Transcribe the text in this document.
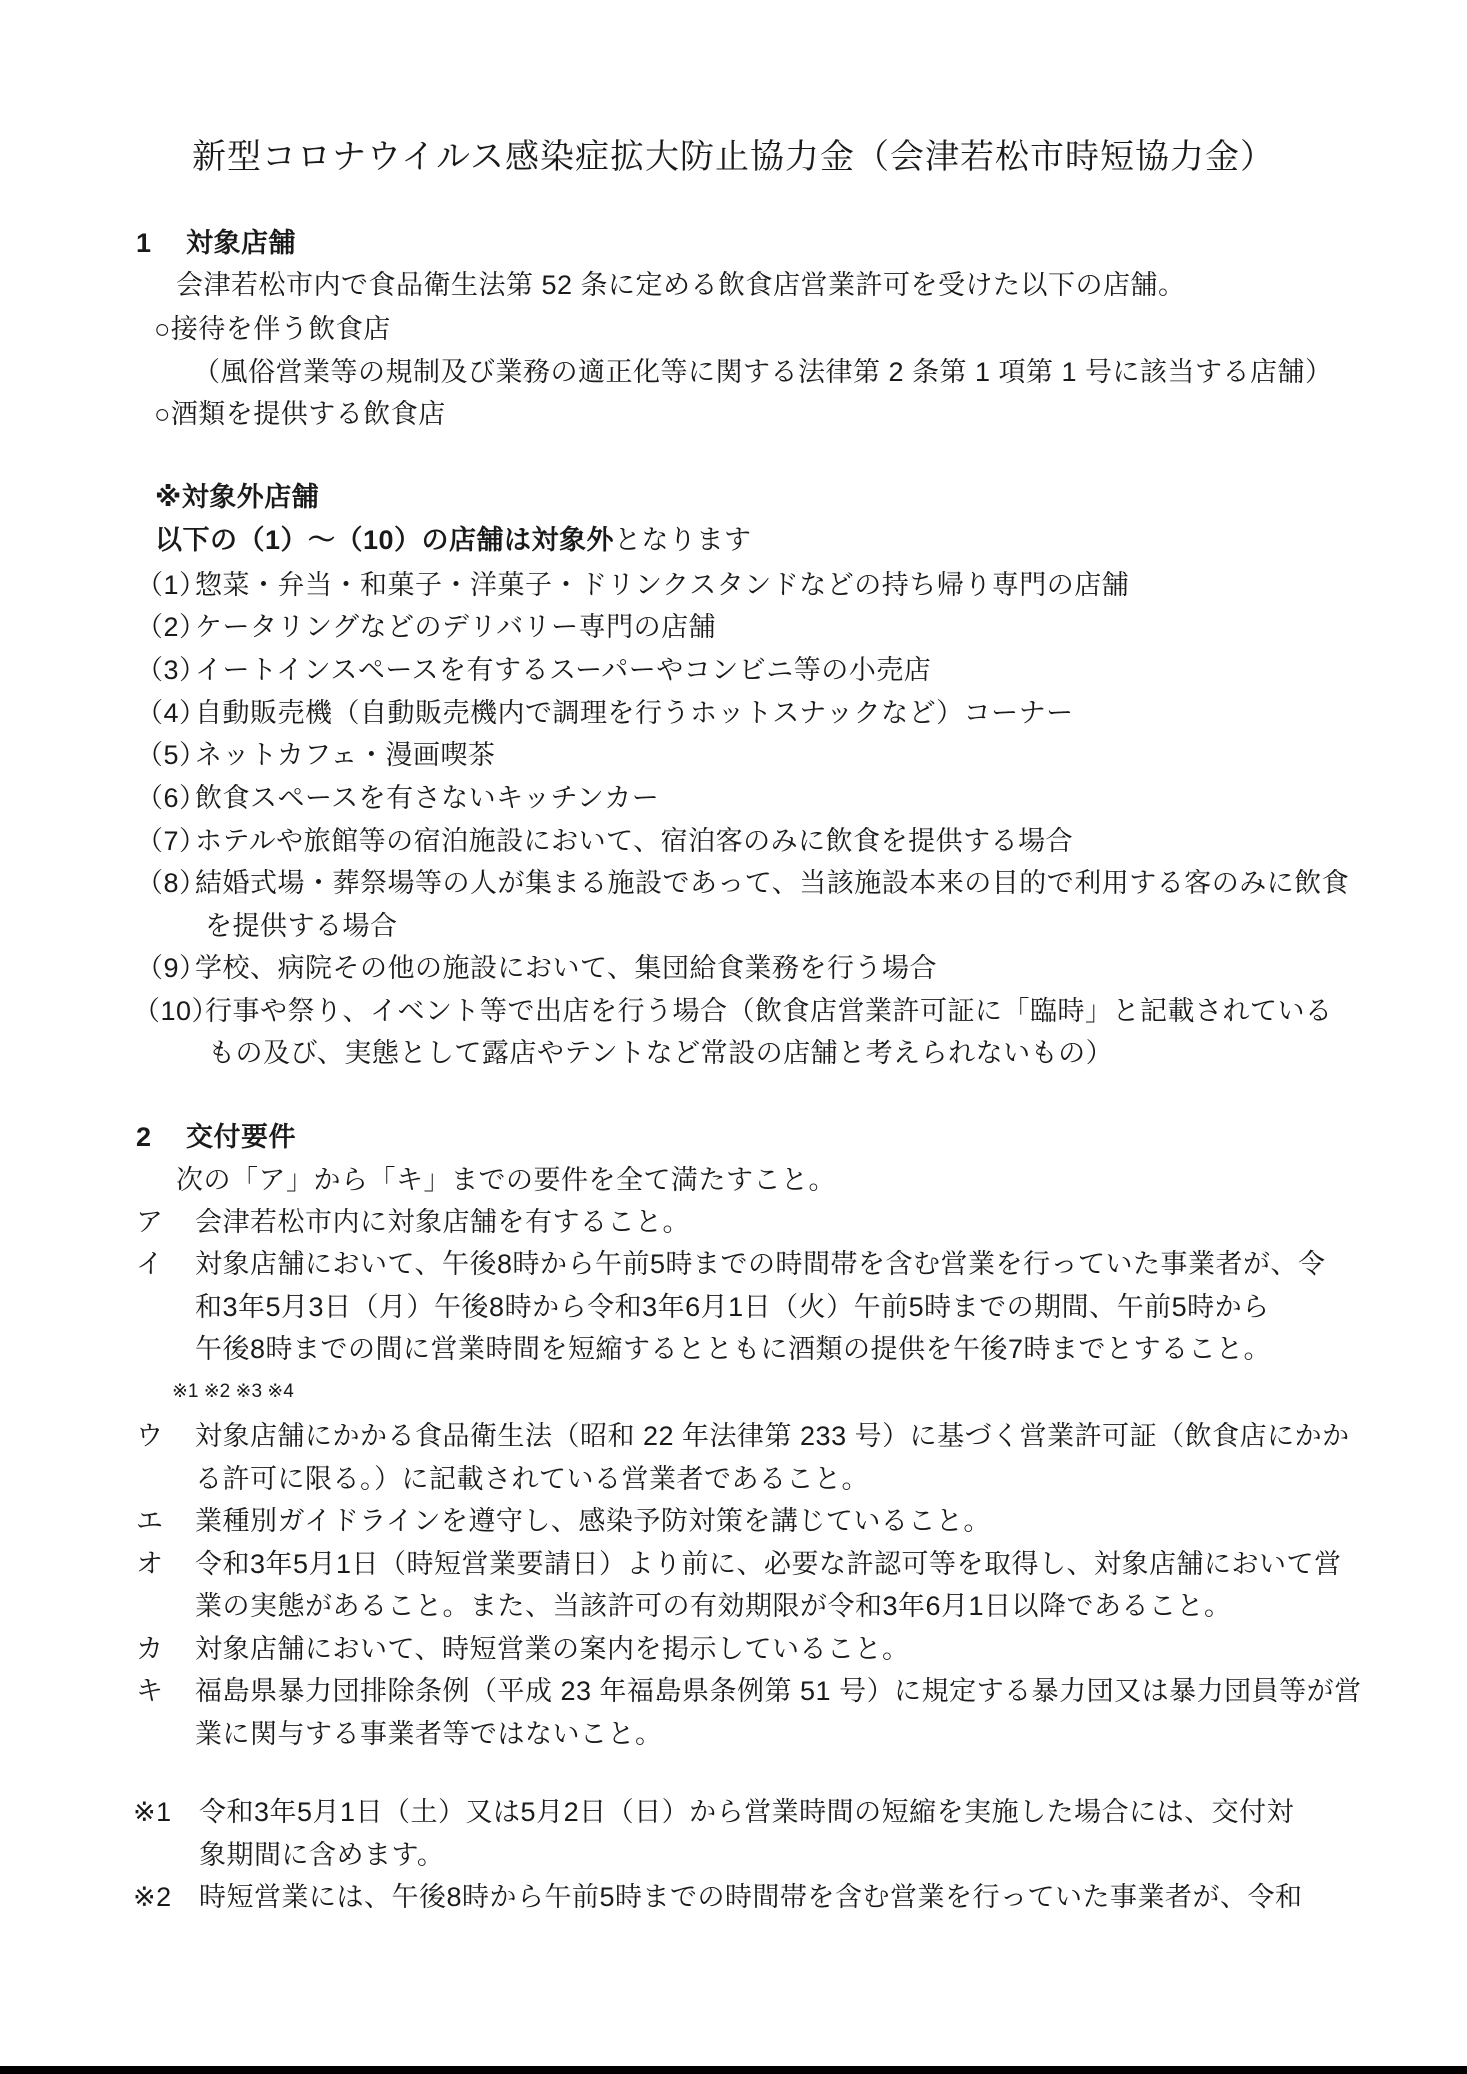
新型コロナウイルス感染症拡大防止協力金（会津若松市時短協力金）
1 対象店舗
会津若松市内で食品衛生法第 52 条に定める飲食店営業許可を受けた以下の店舗。
○接待を伴う飲食店
（風俗営業等の規制及び業務の適正化等に関する法律第 2 条第 1 項第 1 号に該当する店舗）
○酒類を提供する飲食店
※対象外店舗
以下の（1）～（10）の店舗は対象外となります
（1）惣菜・弁当・和菓子・洋菓子・ドリンクスタンドなどの持ち帰り専門の店舗
（2）ケータリングなどのデリバリー専門の店舗
（3）イートインスペースを有するスーパーやコンビニ等の小売店
（4）自動販売機（自動販売機内で調理を行うホットスナックなど）コーナー
（5）ネットカフェ・漫画喫茶
（6）飲食スペースを有さないキッチンカー
（7）ホテルや旅館等の宿泊施設において、宿泊客のみに飲食を提供する場合
（8）結婚式場・葬祭場等の人が集まる施設であって、当該施設本来の目的で利用する客のみに飲食
を提供する場合
（9）学校、病院その他の施設において、集団給食業務を行う場合
（10）行事や祭り、イベント等で出店を行う場合（飲食店営業許可証に「臨時」と記載されている
もの及び、実態として露店やテントなど常設の店舗と考えられないもの）
2 交付要件
次の「ア」から「キ」までの要件を全て満たすこと。
ア 会津若松市内に対象店舗を有すること。
イ 対象店舗において、午後8時から午前5時までの時間帯を含む営業を行っていた事業者が、令
和3年5月3日（月）午後8時から令和3年6月1日（火）午前5時までの期間、午前5時から
午後8時までの間に営業時間を短縮するとともに酒類の提供を午後7時までとすること。
※1 ※2 ※3 ※4
ウ 対象店舗にかかる食品衛生法（昭和 22 年法律第 233 号）に基づく営業許可証（飲食店にかか
る許可に限る。）に記載されている営業者であること。
エ 業種別ガイドラインを遵守し、感染予防対策を講じていること。
オ 令和3年5月1日（時短営業要請日）より前に、必要な許認可等を取得し、対象店舗において営
業の実態があること。また、当該許可の有効期限が令和3年6月1日以降であること。
カ 対象店舗において、時短営業の案内を掲示していること。
キ 福島県暴力団排除条例（平成 23 年福島県条例第 51 号）に規定する暴力団又は暴力団員等が営
業に関与する事業者等ではないこと。
※1 令和3年5月1日（土）又は5月2日（日）から営業時間の短縮を実施した場合には、交付対
象期間に含めます。
※2 時短営業には、午後8時から午前5時までの時間帯を含む営業を行っていた事業者が、令和
